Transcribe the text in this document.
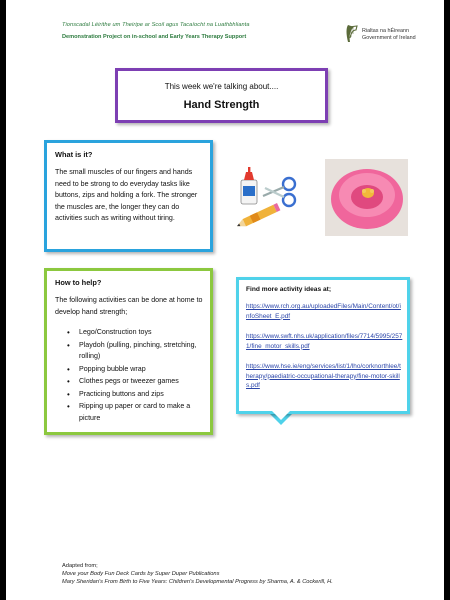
Tionscadal Léirithe um Theiripe ar Scoil agus Tacaíocht na Luathbhlianta
Demonstration Project on in-school and Early Years Therapy Support
Rialtas na hÉireann
Government of Ireland
This week we're talking about....
Hand Strength
What is it?

The small muscles of our fingers and hands need to be strong to do everyday tasks like buttons, zips and holding a fork. The stronger the muscles are, the longer they can do activities such as writing without tiring.

How to help?

The following activities can be done at home to develop hand strength;

• Lego/Construction toys
• Playdoh (pulling, pinching, stretching, rolling)
• Popping bubble wrap
• Clothes pegs or tweezer games
• Practicing buttons and zips
• Ripping up paper or card to make a picture
Find more activity ideas at;
https://www.rch.org.au/uploadedFiles/Main/Content/ot/infoSheet_E.pdf
https://www.swft.nhs.uk/application/files/7714/5995/2571/fine_motor_skills.pdf
https://www.hse.ie/eng/services/list/1/lho/corknorthlee/therapy/paediatric-occupational-therapy/fine-motor-skills.pdf
Adapted from;
Move your Body Fun Deck Cards by Super Duper Publications
Mary Sheridan's From Birth to Five Years: Children's Developmental Progress by Sharma, A. & Cockerill, H.
